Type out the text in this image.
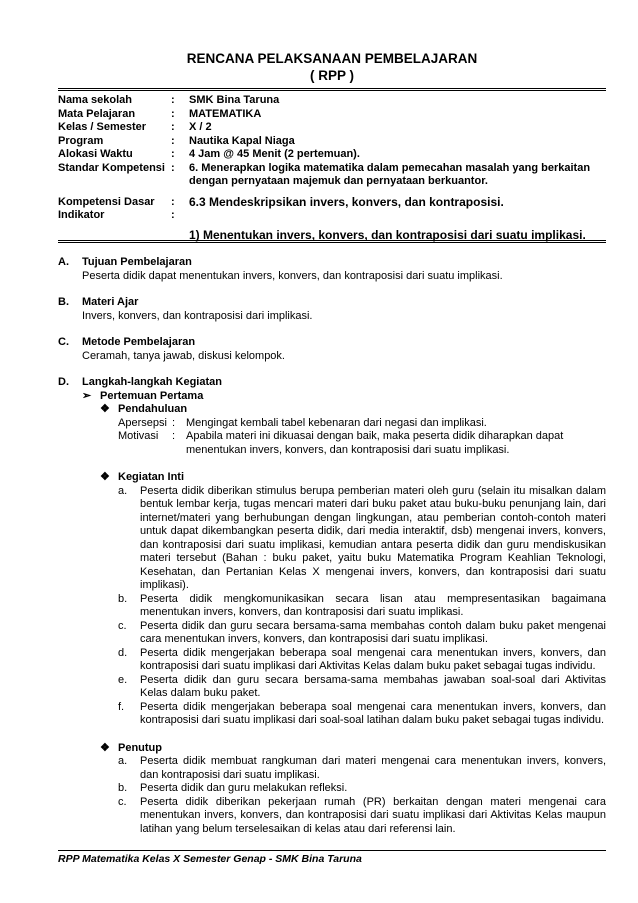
RENCANA PELAKSANAAN PEMBELAJARAN
( RPP )
Nama sekolah	:	SMK Bina Taruna
Mata Pelajaran	:	MATEMATIKA
Kelas / Semester	:	X / 2
Program	:	Nautika Kapal Niaga
Alokasi Waktu	:	4 Jam @ 45 Menit (2 pertemuan).
Standar Kompetensi :	6. Menerapkan logika matematika dalam pemecahan masalah yang berkaitan dengan pernyataan majemuk dan pernyataan berkuantor.
Kompetensi Dasar	:	6.3 Mendeskripsikan invers, konvers, dan kontraposisi.
Indikator	:
1) Menentukan invers, konvers, dan kontraposisi dari suatu implikasi.
A.	Tujuan Pembelajaran
Peserta didik dapat menentukan invers, konvers, dan kontraposisi dari suatu implikasi.
B.	Materi Ajar
Invers, konvers, dan kontraposisi dari implikasi.
C.	Metode Pembelajaran
Ceramah, tanya jawab, diskusi kelompok.
D.	Langkah-langkah Kegiatan
➢ Pertemuan Pertama
❖ Pendahuluan
Apersepsi : Mengingat kembali tabel kebenaran dari negasi dan implikasi.
Motivasi	: Apabila materi ini dikuasai dengan baik, maka peserta didik diharapkan dapat menentukan invers, konvers, dan kontraposisi dari suatu implikasi.
❖ Kegiatan Inti
a.	Peserta didik diberikan stimulus berupa pemberian materi oleh guru (selain itu misalkan dalam bentuk lembar kerja, tugas mencari materi dari buku paket atau buku-buku penunjang lain, dari internet/materi yang berhubungan dengan lingkungan, atau pemberian contoh-contoh materi untuk dapat dikembangkan peserta didik, dari media interaktif, dsb) mengenai invers, konvers, dan kontraposisi dari suatu implikasi, kemudian antara peserta didik dan guru mendiskusikan materi tersebut (Bahan : buku paket, yaitu buku Matematika Program Keahlian Teknologi, Kesehatan, dan Pertanian Kelas X mengenai invers, konvers, dan kontraposisi dari suatu implikasi).
b.	Peserta didik mengkomunikasikan secara lisan atau mempresentasikan bagaimana menentukan invers, konvers, dan kontraposisi dari suatu implikasi.
c.	Peserta didik dan guru secara bersama-sama membahas contoh dalam buku paket mengenai cara menentukan invers, konvers, dan kontraposisi dari suatu implikasi.
d.	Peserta didik mengerjakan beberapa soal mengenai cara menentukan invers, konvers, dan kontraposisi dari suatu implikasi dari Aktivitas Kelas dalam buku paket sebagai tugas individu.
e.	Peserta didik dan guru secara bersama-sama membahas jawaban soal-soal dari Aktivitas Kelas dalam buku paket.
f.	Peserta didik mengerjakan beberapa soal mengenai cara menentukan invers, konvers, dan kontraposisi dari suatu implikasi dari soal-soal latihan dalam buku paket sebagai tugas individu.
❖ Penutup
a.	Peserta didik membuat rangkuman dari materi mengenai cara menentukan invers, konvers, dan kontraposisi dari suatu implikasi.
b.	Peserta didik dan guru melakukan refleksi.
c.	Peserta didik diberikan pekerjaan rumah (PR) berkaitan dengan materi mengenai cara menentukan invers, konvers, dan kontraposisi dari suatu implikasi dari Aktivitas Kelas maupun latihan yang belum terselesaikan di kelas atau dari referensi lain.
RPP Matematika Kelas X Semester Genap - SMK Bina Taruna
